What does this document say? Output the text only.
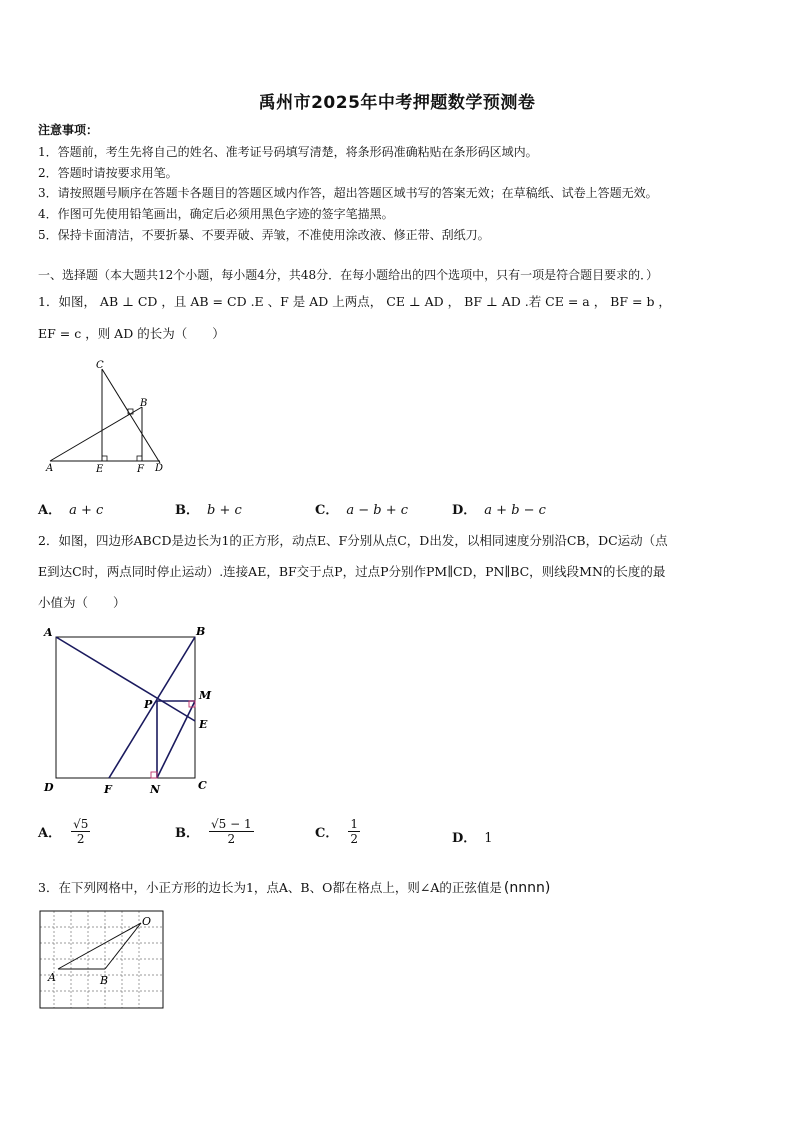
禹州市2025年中考押题数学预测卷
注意事项：
1．答题前，考生先将自己的姓名、准考证号码填写清楚，将条形码准确粘贴在条形码区域内。
2．答题时请按要求用笔。
3．请按照题号顺序在答题卡各题目的答题区域内作答，超出答题区域书写的答案无效；在草稿纸、试卷上答题无效。
4．作图可先使用铅笔画出，确定后必须用黑色字迹的签字笔描黑。
5．保持卡面清洁，不要折暴、不要弄破、弄皱，不准使用涂改液、修正带、刮纸刀。
一、选择题（本大题共12个小题，每小题4分，共48分．在每小题给出的四个选项中，只有一项是符合题目要求的．）
1．如图， AB ⊥ CD ，且 AB = CD .E 、F 是 AD 上两点， CE ⊥ AD ， BF ⊥ AD .若 CE = a ， BF = b ，
EF = c ，则 AD 的长为（　　）
C
B
A	E	F D
A． a + c	B． b + c	C． a − b + c	D． a + b − c
2．如图，四边形ABCD是边长为1的正方形，动点E、F分别从点C，D出发，以相同速度分别沿CB，DC运动（点
E到达C时，两点同时停止运动）.连接AE，BF交于点P，过点P分别作PM∥CD，PN∥BC，则线段MN的长度的最
小值为（　　）
A	B
P
M
E
D	F	N	C
A． $\frac{√5}{2}$	B． $\frac{√5 - 1}{2}$	C． $\frac{1}{2}$	D． 1
3．在下列网格中，小正方形的边长为1，点A、B、O都在格点上，则∠A的正弦值是 (nnnn)
O
A	B
